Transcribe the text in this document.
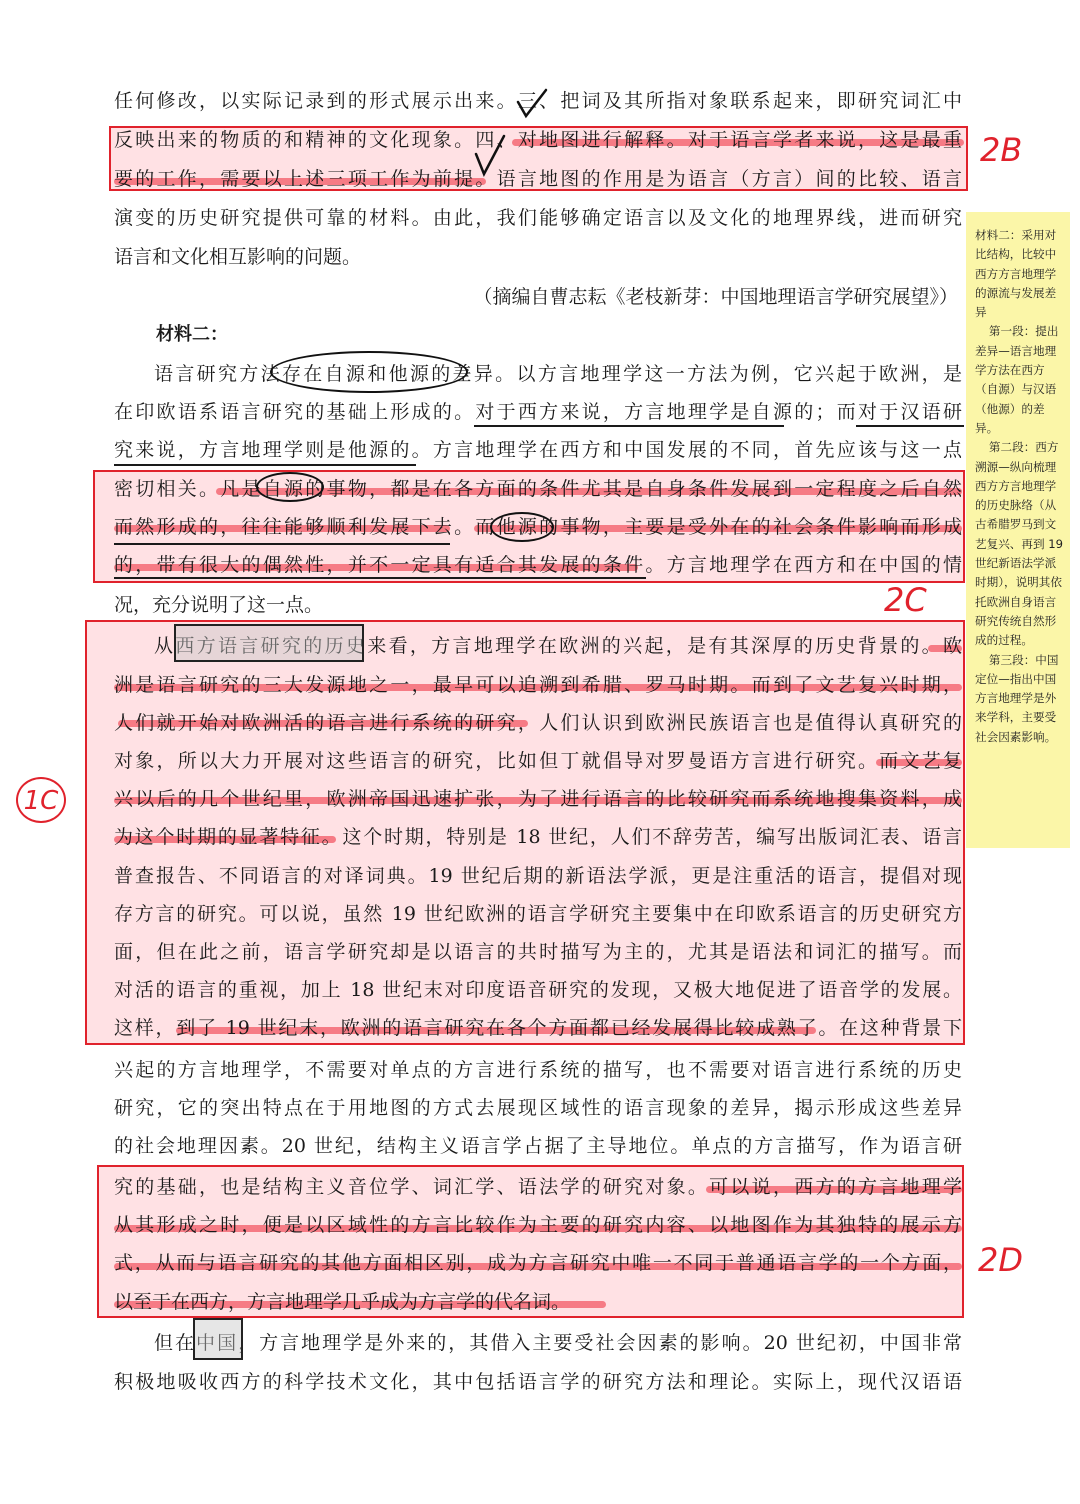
任何修改，以实际记录到的形式展示出来。三、把词及其所指对象联系起来，即研究词汇中
反映出来的物质的和精神的文化现象。四、对地图进行解释。对于语言学者来说，这是最重
要的工作，需要以上述三项工作为前提。语言地图的作用是为语言（方言）间的比较、语言
演变的历史研究提供可靠的材料。由此，我们能够确定语言以及文化的地理界线，进而研究
语言和文化相互影响的问题。
（摘编自曹志耘《老枝新芽：中国地理语言学研究展望》）
材料二：
语言研究方法存在自源和他源的差异。以方言地理学这一方法为例，它兴起于欧洲，是
在印欧语系语言研究的基础上形成的。对于西方来说，方言地理学是自源的；而对于汉语研
究来说，方言地理学则是他源的。方言地理学在西方和中国发展的不同，首先应该与这一点
密切相关。凡是自源的事物，都是在各方面的条件尤其是自身条件发展到一定程度之后自然
而然形成的，往往能够顺利发展下去。而他源的事物，主要是受外在的社会条件影响而形成
的，带有很大的偶然性，并不一定具有适合其发展的条件。方言地理学在西方和在中国的情
况，充分说明了这一点。
从西方语言研究的历史来看，方言地理学在欧洲的兴起，是有其深厚的历史背景的。欧
洲是语言研究的三大发源地之一，最早可以追溯到希腊、罗马时期。而到了文艺复兴时期，
人们就开始对欧洲活的语言进行系统的研究，人们认识到欧洲民族语言也是值得认真研究的
对象，所以大力开展对这些语言的研究，比如但丁就倡导对罗曼语方言进行研究。而文艺复
兴以后的几个世纪里，欧洲帝国迅速扩张，为了进行语言的比较研究而系统地搜集资料，成
为这个时期的显著特征。这个时期，特别是 18 世纪，人们不辞劳苦，编写出版词汇表、语言
普查报告、不同语言的对译词典。19 世纪后期的新语法学派，更是注重活的语言，提倡对现
存方言的研究。可以说，虽然 19 世纪欧洲的语言学研究主要集中在印欧系语言的历史研究方
面，但在此之前，语言学研究却是以语言的共时描写为主的，尤其是语法和词汇的描写。而
对活的语言的重视，加上 18 世纪末对印度语音研究的发现，又极大地促进了语音学的发展。
这样，到了 19 世纪末，欧洲的语言研究在各个方面都已经发展得比较成熟了。在这种背景下
兴起的方言地理学，不需要对单点的方言进行系统的描写，也不需要对语言进行系统的历史
研究，它的突出特点在于用地图的方式去展现区域性的语言现象的差异，揭示形成这些差异
的社会地理因素。20 世纪，结构主义语言学占据了主导地位。单点的方言描写，作为语言研
究的基础，也是结构主义音位学、词汇学、语法学的研究对象。可以说，西方的方言地理学
从其形成之时，便是以区域性的方言比较作为主要的研究内容、以地图作为其独特的展示方
式，从而与语言研究的其他方面相区别，成为方言研究中唯一不同于普通语言学的一个方面，
以至于在西方，方言地理学几乎成为方言学的代名词。
但在中国，方言地理学是外来的，其借入主要受社会因素的影响。20 世纪初，中国非常
积极地吸收西方的科学技术文化，其中包括语言学的研究方法和理论。实际上，现代汉语语
2B
2C
2D
1C

材料二：采用对比结构，比较中西方方言地理学的源流与发展差异

第一段：提出差异—语言地理学方法在西方（自源）与汉语（他源）的差异。

第二段：西方溯源—纵向梳理西方方言地理学的历史脉络（从古希腊罗马到文艺复兴、再到 19 世纪新语法学派时期），说明其依托欧洲自身语言研究传统自然形成的过程。

第三段：中国定位—指出中国方言地理学是外来学科，主要受社会因素影响。
